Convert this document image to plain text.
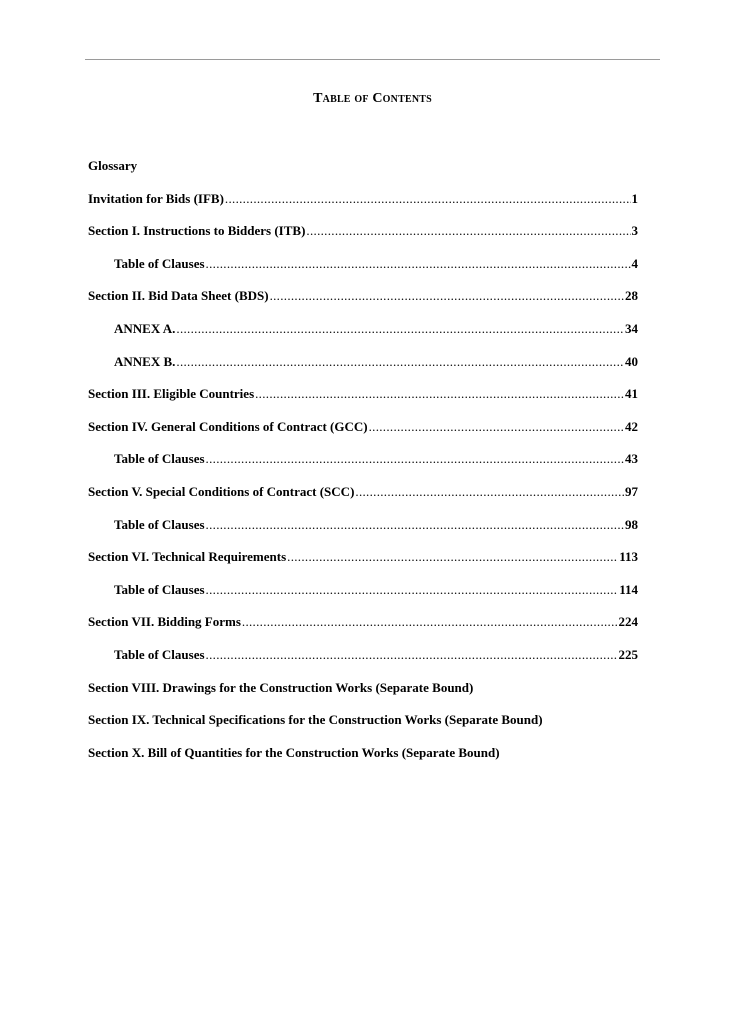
Table of Contents
Glossary
Invitation for Bids (IFB) .....	1
Section I. Instructions to Bidders (ITB) .....	3
Table of Clauses .....	4
Section II. Bid Data Sheet (BDS) .....	28
ANNEX A. .....	34
ANNEX B. .....	40
Section III. Eligible Countries .....	41
Section IV. General Conditions of Contract (GCC) .....	42
Table of Clauses .....	43
Section V. Special Conditions of Contract (SCC) .....	97
Table of Clauses .....	98
Section VI. Technical Requirements .....	113
Table of Clauses .....	114
Section VII. Bidding Forms .....	224
Table of Clauses .....	225
Section VIII. Drawings for the Construction Works (Separate Bound)
Section IX. Technical Specifications for the Construction Works (Separate Bound)
Section X. Bill of Quantities for the Construction Works (Separate Bound)
